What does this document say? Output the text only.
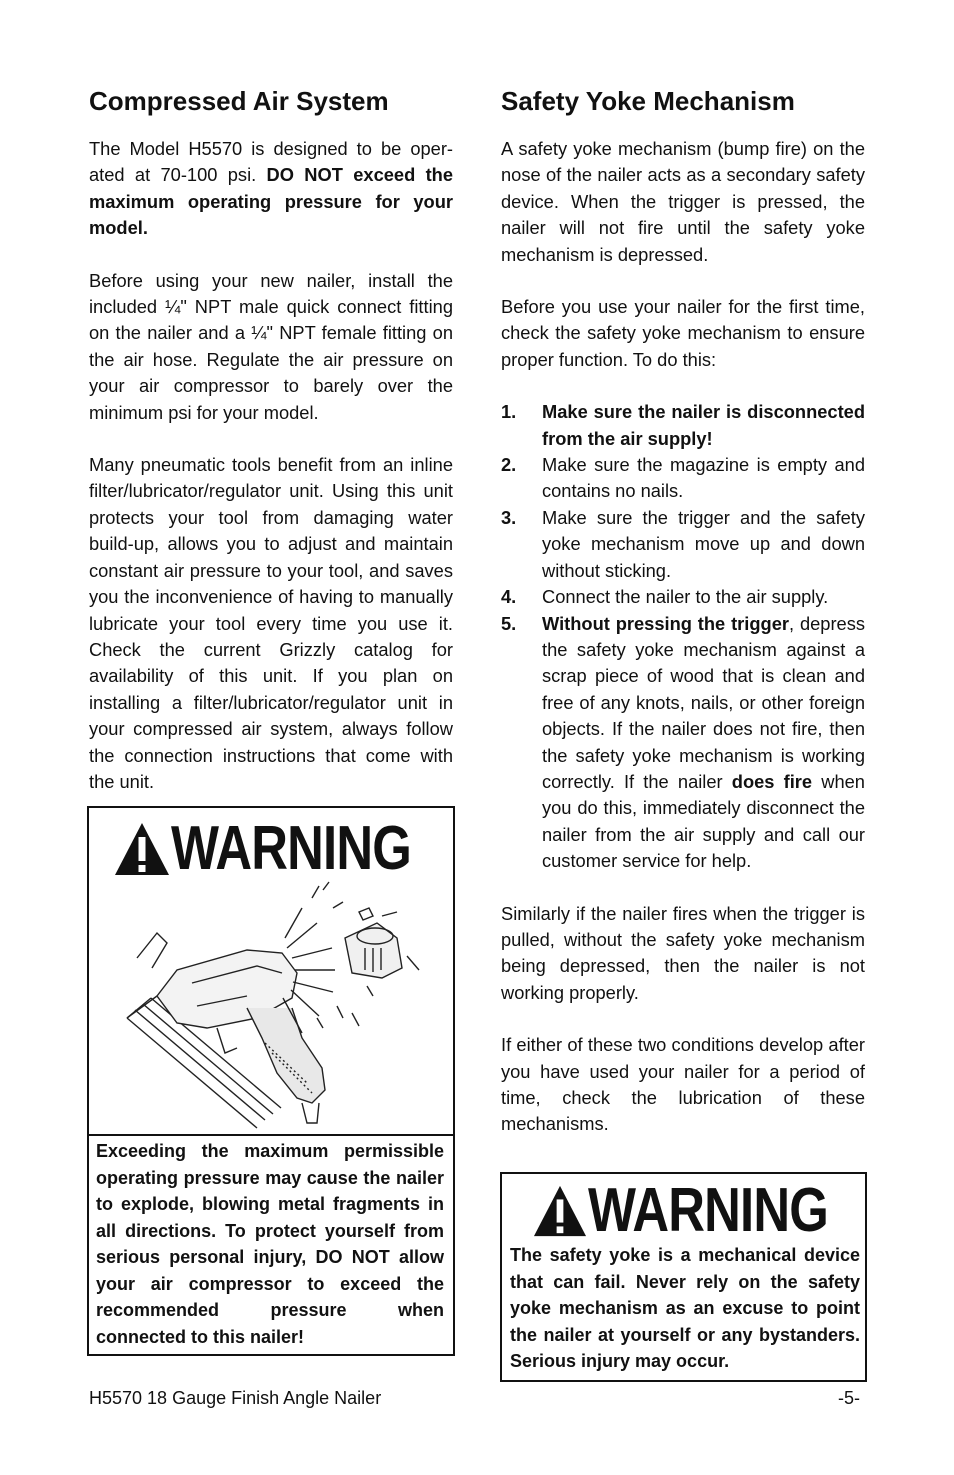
Compressed Air System

The Model H5570 is designed to be operated at 70-100 psi. DO NOT exceed the maximum operating pressure for your model.

Before using your new nailer, install the included ¼" NPT male quick connect fitting on the nailer and a ¼" NPT female fitting on the air hose. Regulate the air pressure on your air compressor to barely over the minimum psi for your model.

Many pneumatic tools benefit from an inline filter/lubricator/regulator unit. Using this unit protects your tool from damaging water build-up, allows you to adjust and maintain constant air pressure to your tool, and saves you the inconvenience of having to manually lubricate your tool every time you use it. Check the current Grizzly catalog for availability of this unit. If you plan on installing a filter/lubricator/regulator unit in your compressed air system, always follow the connection instructions that come with the unit.

WARNING

Exceeding the maximum permissible operating pressure may cause the nailer to explode, blowing metal fragments in all directions. To protect yourself from serious personal injury, DO NOT allow your air compressor to exceed the recommended pressure when connected to this nailer!

Safety Yoke Mechanism

A safety yoke mechanism (bump fire) on the nose of the nailer acts as a secondary safety device. When the trigger is pressed, the nailer will not fire until the safety yoke mechanism is depressed.

Before you use your nailer for the first time, check the safety yoke mechanism to ensure proper function. To do this:

1.	Make sure the nailer is disconnected from the air supply!
2.	Make sure the magazine is empty and contains no nails.
3.	Make sure the trigger and the safety yoke mechanism move up and down without sticking.
4.	Connect the nailer to the air supply.
5.	Without pressing the trigger, depress the safety yoke mechanism against a scrap piece of wood that is clean and free of any knots, nails, or other foreign objects. If the nailer does not fire, then the safety yoke mechanism is working correctly. If the nailer does fire when you do this, immediately disconnect the nailer from the air supply and call our customer service for help.

Similarly if the nailer fires when the trigger is pulled, without the safety yoke mechanism being depressed, then the nailer is not working properly.

If either of these two conditions develop after you have used your nailer for a period of time, check the lubrication of these mechanisms.

WARNING

The safety yoke is a mechanical device that can fail. Never rely on the safety yoke mechanism as an excuse to point the nailer at yourself or any bystanders. Serious injury may occur.

H5570 18 Gauge Finish Angle Nailer	-5-
